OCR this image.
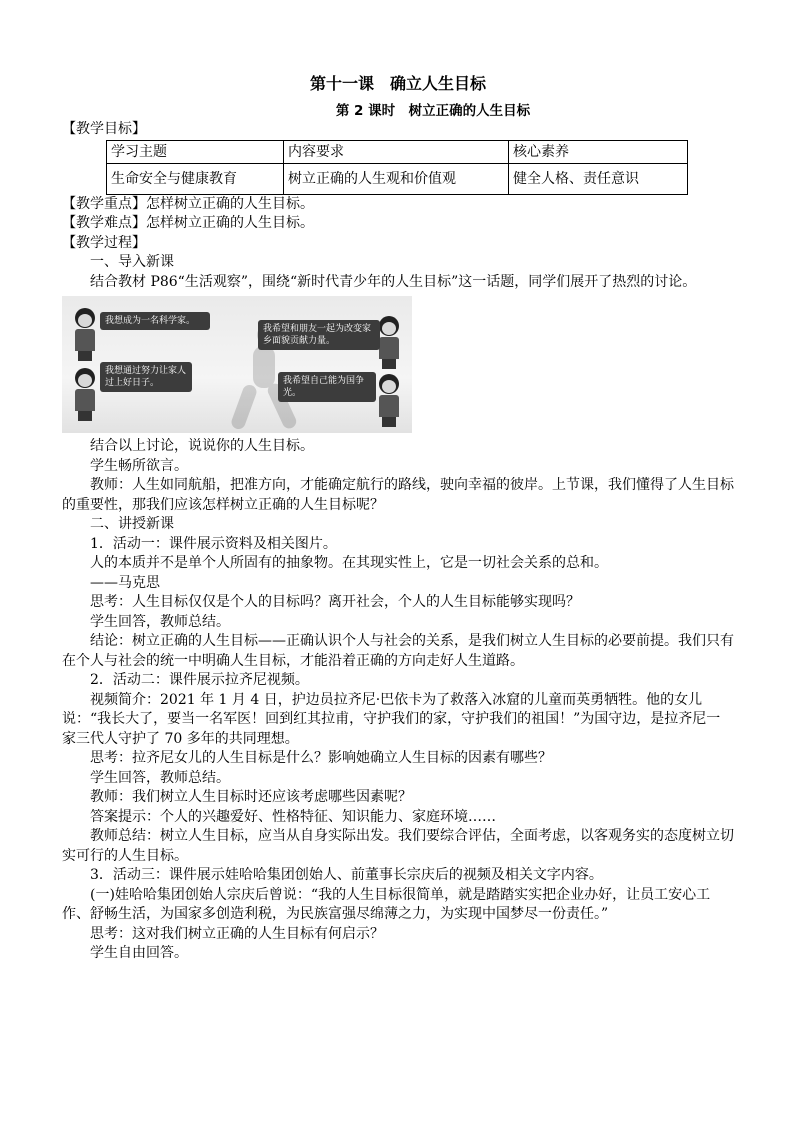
第十一课　确立人生目标
第 2 课时　树立正确的人生目标

【教学目标】

学习主题	内容要求	核心素养
生命安全与健康教育	树立正确的人生观和价值观	健全人格、责任意识

【教学重点】怎样树立正确的人生目标。

【教学难点】怎样树立正确的人生目标。

【教学过程】

一、导入新课

结合教材 P86“生活观察”，围绕“新时代青少年的人生目标”这一话题，同学们展开了热烈的讨论。

我想成为一名科学家。
我希望和朋友一起为改变家乡面貌贡献力量。
我想通过努力让家人过上好日子。	我希望自己能为国争光。

结合以上讨论，说说你的人生目标。

学生畅所欲言。

教师：人生如同航船，把准方向，才能确定航行的路线，驶向幸福的彼岸。上节课，我们懂得了人生目标的重要性，那我们应该怎样树立正确的人生目标呢？

二、讲授新课

1．活动一：课件展示资料及相关图片。

人的本质并不是单个人所固有的抽象物。在其现实性上，它是一切社会关系的总和。

——马克思

思考：人生目标仅仅是个人的目标吗？离开社会，个人的人生目标能够实现吗？

学生回答，教师总结。

结论：树立正确的人生目标——正确认识个人与社会的关系，是我们树立人生目标的必要前提。我们只有在个人与社会的统一中明确人生目标，才能沿着正确的方向走好人生道路。

2．活动二：课件展示拉齐尼视频。

视频简介：2021 年 1 月 4 日，护边员拉齐尼·巴依卡为了救落入冰窟的儿童而英勇牺牲。他的女儿说：“我长大了，要当一名军医！回到红其拉甫，守护我们的家，守护我们的祖国！”为国守边，是拉齐尼一家三代人守护了 70 多年的共同理想。

思考：拉齐尼女儿的人生目标是什么？影响她确立人生目标的因素有哪些？

学生回答，教师总结。

教师：我们树立人生目标时还应该考虑哪些因素呢？

答案提示：个人的兴趣爱好、性格特征、知识能力、家庭环境……

教师总结：树立人生目标，应当从自身实际出发。我们要综合评估，全面考虑，以客观务实的态度树立切实可行的人生目标。

3．活动三：课件展示娃哈哈集团创始人、前董事长宗庆后的视频及相关文字内容。

(一)娃哈哈集团创始人宗庆后曾说：“我的人生目标很简单，就是踏踏实实把企业办好，让员工安心工作、舒畅生活，为国家多创造利税，为民族富强尽绵薄之力，为实现中国梦尽一份责任。”

思考：这对我们树立正确的人生目标有何启示？

学生自由回答。
